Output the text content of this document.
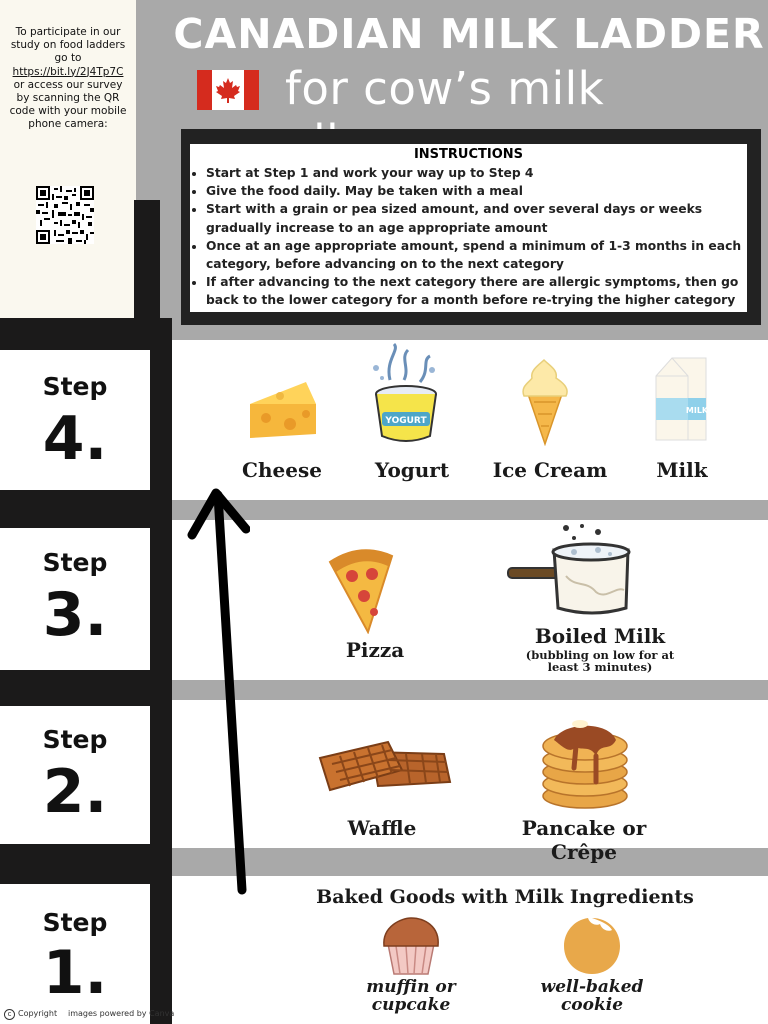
To participate in our study on food ladders go to
https://bit.ly/2J4Tp7C
or access our survey by scanning the QR code with your mobile phone camera:
CANADIAN MILK LADDER
for cow’s milk
INSTRUCTIONS
• Start at Step 1 and work your way up to Step 4
• Give the food daily. May be taken with a meal
• Start with a grain or pea sized amount, and over several days or weeks gradually increase to an age appropriate amount
• Once at an age appropriate amount, spend a minimum of 1-3 months in each category, before advancing on to the next category
• If after advancing to the next category there are allergic symptoms, then go back to the lower category for a month before re-trying the higher category
Step
4.
Step
3.
Step
2.
Step
1.
Cheese
YOGURT
Yogurt	Ice Cream
MILK
Milk
Pizza
Boiled Milk
(bubbling on low for at least 3 minutes)
Waffle	Pancake or Crêpe
Baked Goods with Milk Ingredients
muffin or cupcake
well-baked cookie
c Copyright images powered by Canva
